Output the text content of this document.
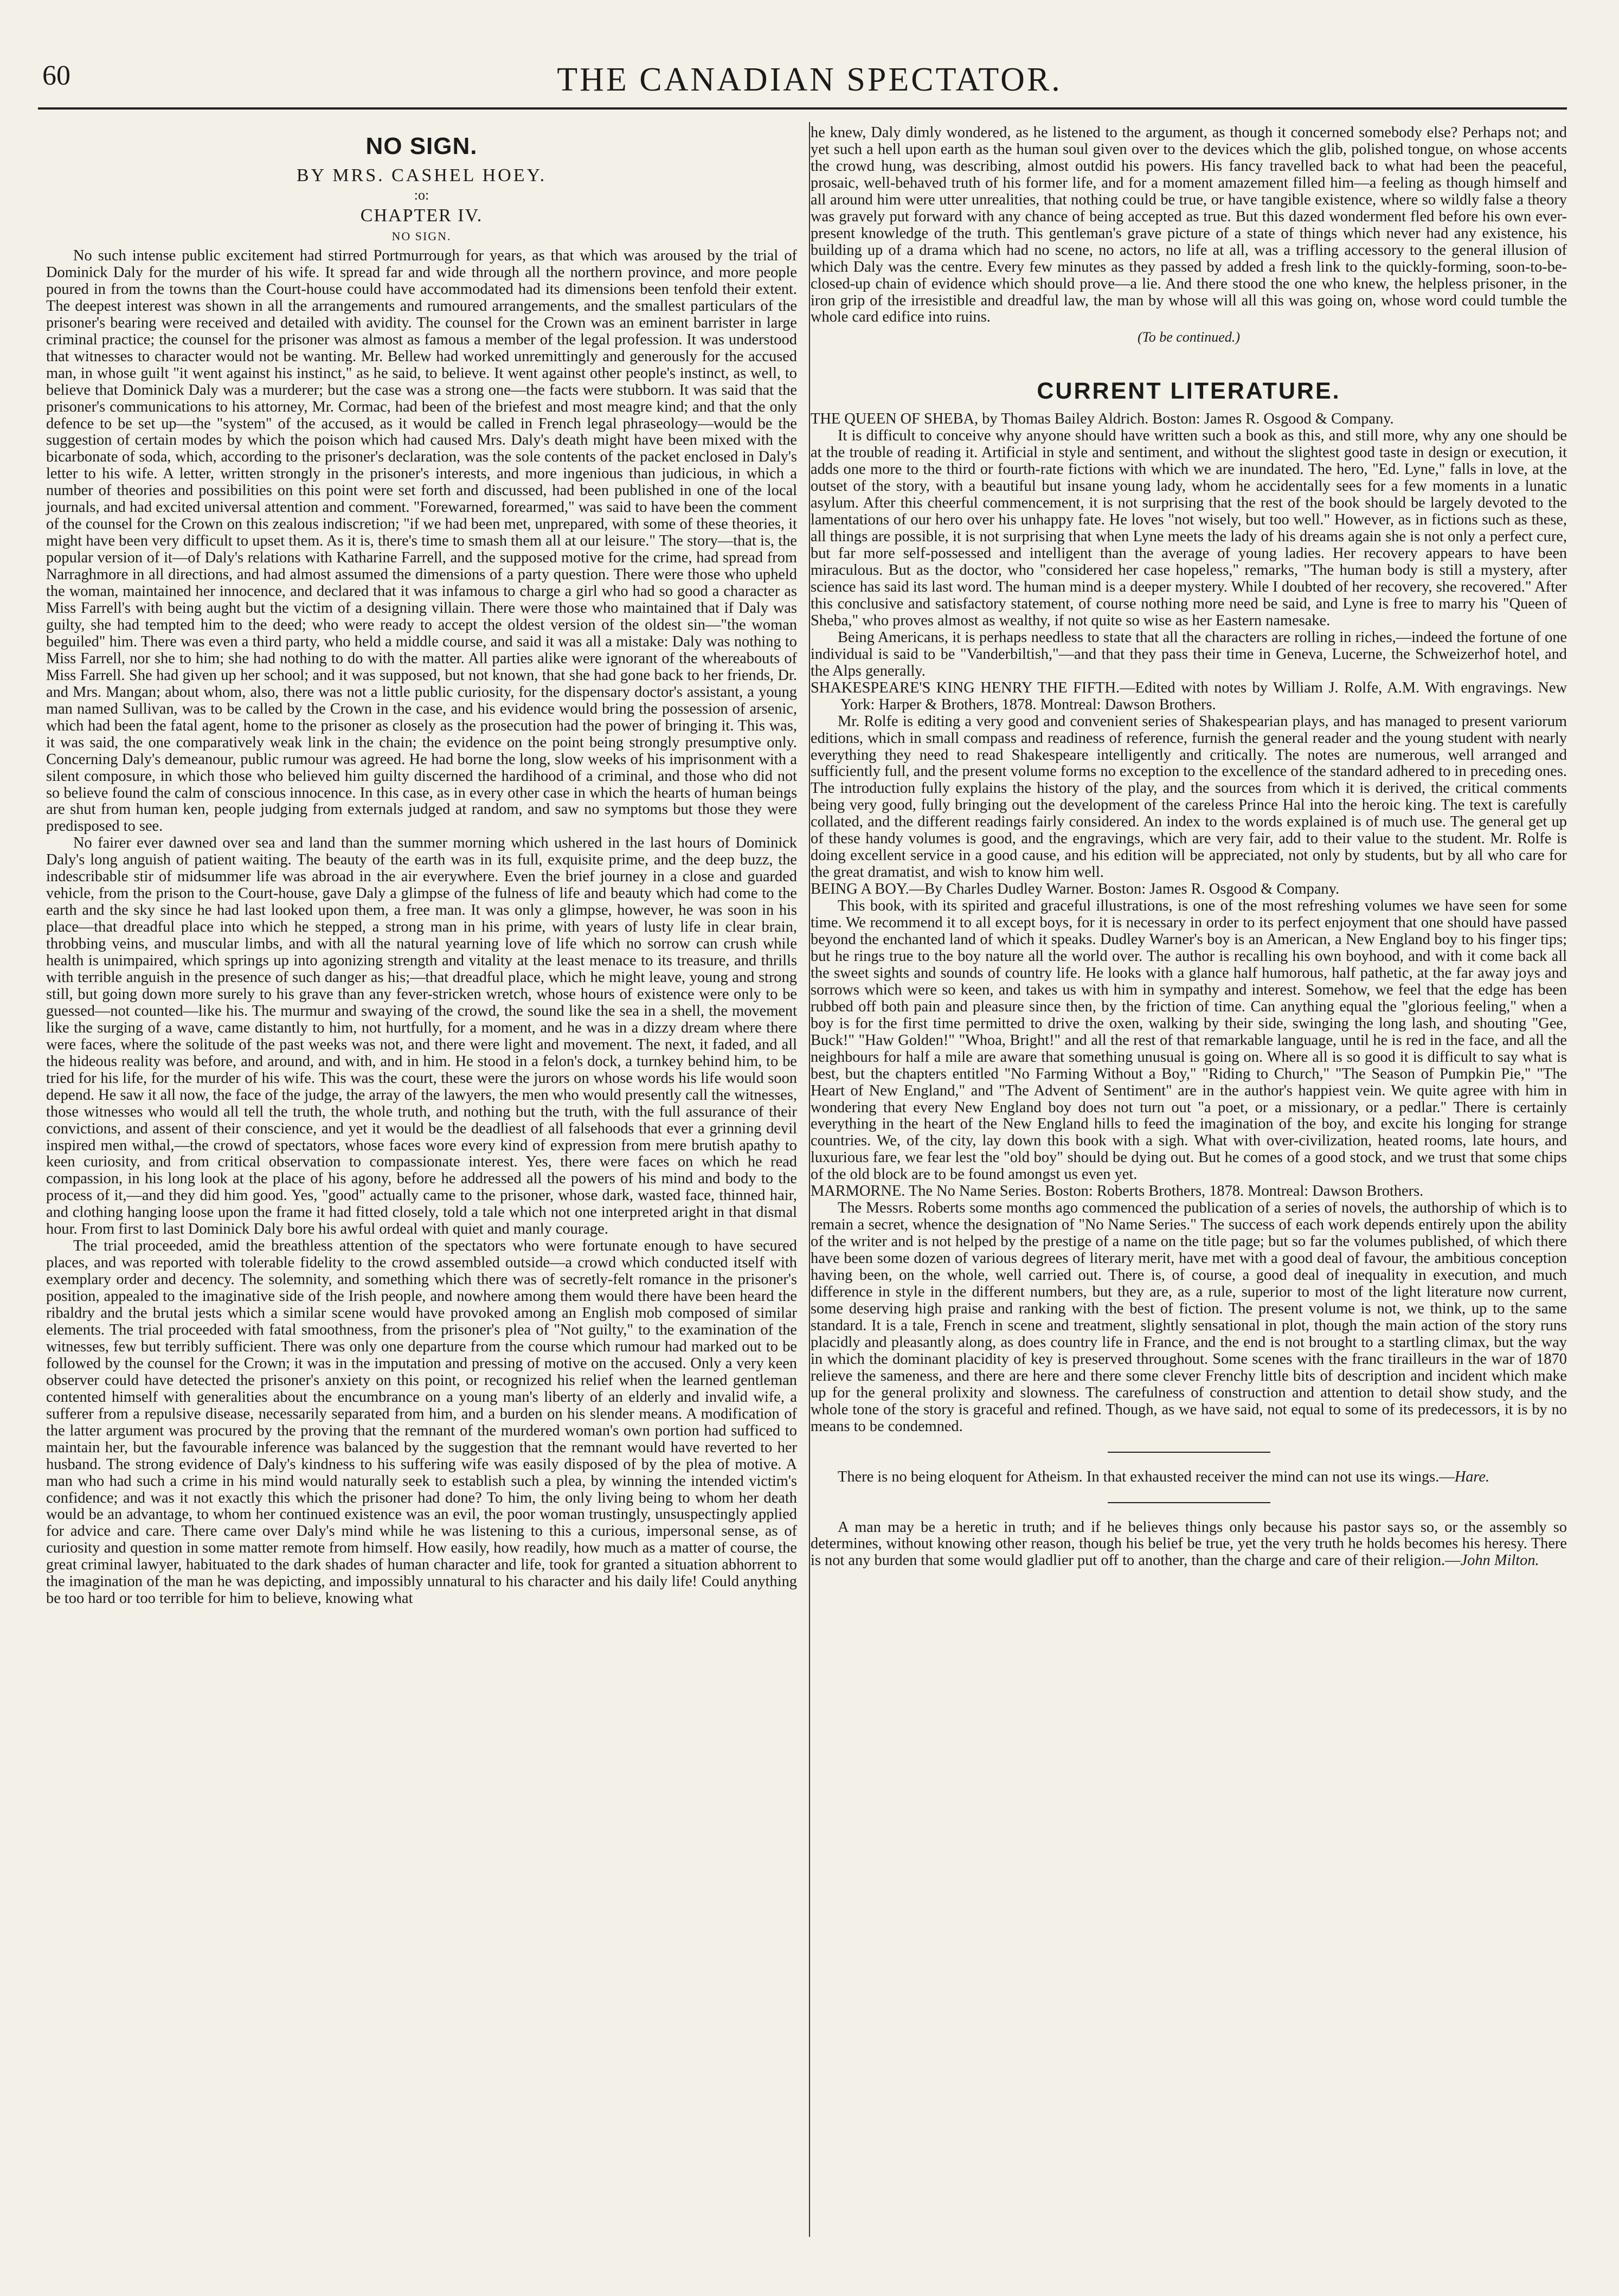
60	THE CANADIAN SPECTATOR.
NO SIGN.
BY MRS. CASHEL HOEY.
:o:
CHAPTER IV.
NO SIGN.

No such intense public excitement had stirred Portmurrough for years, as that which was aroused by the trial of Dominick Daly for the murder of his wife. It spread far and wide through all the northern province, and more people poured in from the towns than the Court-house could have accommodated had its dimensions been tenfold their extent. The deepest interest was shown in all the arrangements and rumoured arrangements, and the smallest particulars of the prisoner's bearing were received and detailed with avidity. The counsel for the Crown was an eminent barrister in large criminal practice; the counsel for the prisoner was almost as famous a member of the legal profession. It was understood that witnesses to character would not be wanting. Mr. Bellew had worked unremittingly and generously for the accused man, in whose guilt "it went against his instinct," as he said, to believe. It went against other people's instinct, as well, to believe that Dominick Daly was a murderer; but the case was a strong one—the facts were stubborn. It was said that the prisoner's communications to his attorney, Mr. Cormac, had been of the briefest and most meagre kind; and that the only defence to be set up—the "system" of the accused, as it would be called in French legal phraseology—would be the suggestion of certain modes by which the poison which had caused Mrs. Daly's death might have been mixed with the bicarbonate of soda, which, according to the prisoner's declaration, was the sole contents of the packet enclosed in Daly's letter to his wife. A letter, written strongly in the prisoner's interests, and more ingenious than judicious, in which a number of theories and possibilities on this point were set forth and discussed, had been published in one of the local journals, and had excited universal attention and comment. "Forewarned, forearmed," was said to have been the comment of the counsel for the Crown on this zealous indiscretion; "if we had been met, unprepared, with some of these theories, it might have been very difficult to upset them. As it is, there's time to smash them all at our leisure." The story—that is, the popular version of it—of Daly's relations with Katharine Farrell, and the supposed motive for the crime, had spread from Narraghmore in all directions, and had almost assumed the dimensions of a party question. There were those who upheld the woman, maintained her innocence, and declared that it was infamous to charge a girl who had so good a character as Miss Farrell's with being aught but the victim of a designing villain. There were those who maintained that if Daly was guilty, she had tempted him to the deed; who were ready to accept the oldest version of the oldest sin—"the woman beguiled" him. There was even a third party, who held a middle course, and said it was all a mistake: Daly was nothing to Miss Farrell, nor she to him; she had nothing to do with the matter. All parties alike were ignorant of the whereabouts of Miss Farrell. She had given up her school; and it was supposed, but not known, that she had gone back to her friends, Dr. and Mrs. Mangan; about whom, also, there was not a little public curiosity, for the dispensary doctor's assistant, a young man named Sullivan, was to be called by the Crown in the case, and his evidence would bring the possession of arsenic, which had been the fatal agent, home to the prisoner as closely as the prosecution had the power of bringing it. This was, it was said, the one comparatively weak link in the chain; the evidence on the point being strongly presumptive only. Concerning Daly's demeanour, public rumour was agreed. He had borne the long, slow weeks of his imprisonment with a silent composure, in which those who believed him guilty discerned the hardihood of a criminal, and those who did not so believe found the calm of conscious innocence. In this case, as in every other case in which the hearts of human beings are shut from human ken, people judging from externals judged at random, and saw no symptoms but those they were predisposed to see.

No fairer ever dawned over sea and land than the summer morning which ushered in the last hours of Dominick Daly's long anguish of patient waiting. The beauty of the earth was in its full, exquisite prime, and the deep buzz, the indescribable stir of midsummer life was abroad in the air everywhere. Even the brief journey in a close and guarded vehicle, from the prison to the Court-house, gave Daly a glimpse of the fulness of life and beauty which had come to the earth and the sky since he had last looked upon them, a free man. It was only a glimpse, however, he was soon in his place—that dreadful place into which he stepped, a strong man in his prime, with years of lusty life in clear brain, throbbing veins, and muscular limbs, and with all the natural yearning love of life which no sorrow can crush while health is unimpaired, which springs up into agonizing strength and vitality at the least menace to its treasure, and thrills with terrible anguish in the presence of such danger as his;—that dreadful place, which he might leave, young and strong still, but going down more surely to his grave than any fever-stricken wretch, whose hours of existence were only to be guessed—not counted—like his. The murmur and swaying of the crowd, the sound like the sea in a shell, the movement like the surging of a wave, came distantly to him, not hurtfully, for a moment, and he was in a dizzy dream where there were faces, where the solitude of the past weeks was not, and there were light and movement. The next, it faded, and all the hideous reality was before, and around, and with, and in him. He stood in a felon's dock, a turnkey behind him, to be tried for his life, for the murder of his wife. This was the court, these were the jurors on whose words his life would soon depend. He saw it all now, the face of the judge, the array of the lawyers, the men who would presently call the witnesses, those witnesses who would all tell the truth, the whole truth, and nothing but the truth, with the full assurance of their convictions, and assent of their conscience, and yet it would be the deadliest of all falsehoods that ever a grinning devil inspired men withal,—the crowd of spectators, whose faces wore every kind of expression from mere brutish apathy to keen curiosity, and from critical observation to compassionate interest. Yes, there were faces on which he read compassion, in his long look at the place of his agony, before he addressed all the powers of his mind and body to the process of it,—and they did him good. Yes, "good" actually came to the prisoner, whose dark, wasted face, thinned hair, and clothing hanging loose upon the frame it had fitted closely, told a tale which not one interpreted aright in that dismal hour. From first to last Dominick Daly bore his awful ordeal with quiet and manly courage.

The trial proceeded, amid the breathless attention of the spectators who were fortunate enough to have secured places, and was reported with tolerable fidelity to the crowd assembled outside—a crowd which conducted itself with exemplary order and decency. The solemnity, and something which there was of secretly-felt romance in the prisoner's position, appealed to the imaginative side of the Irish people, and nowhere among them would there have been heard the ribaldry and the brutal jests which a similar scene would have provoked among an English mob composed of similar elements. The trial proceeded with fatal smoothness, from the prisoner's plea of "Not guilty," to the examination of the witnesses, few but terribly sufficient. There was only one departure from the course which rumour had marked out to be followed by the counsel for the Crown; it was in the imputation and pressing of motive on the accused. Only a very keen observer could have detected the prisoner's anxiety on this point, or recognized his relief when the learned gentleman contented himself with generalities about the encumbrance on a young man's liberty of an elderly and invalid wife, a sufferer from a repulsive disease, necessarily separated from him, and a burden on his slender means. A modification of the latter argument was procured by the proving that the remnant of the murdered woman's own portion had sufficed to maintain her, but the favourable inference was balanced by the suggestion that the remnant would have reverted to her husband. The strong evidence of Daly's kindness to his suffering wife was easily disposed of by the plea of motive. A man who had such a crime in his mind would naturally seek to establish such a plea, by winning the intended victim's confidence; and was it not exactly this which the prisoner had done? To him, the only living being to whom her death would be an advantage, to whom her continued existence was an evil, the poor woman trustingly, unsuspectingly applied for advice and care. There came over Daly's mind while he was listening to this a curious, impersonal sense, as of curiosity and question in some matter remote from himself. How easily, how readily, how much as a matter of course, the great criminal lawyer, habituated to the dark shades of human character and life, took for granted a situation abhorrent to the imagination of the man he was depicting, and impossibly unnatural to his character and his daily life! Could anything be too hard or too terrible for him to believe, knowing what

he knew, Daly dimly wondered, as he listened to the argument, as though it concerned somebody else? Perhaps not; and yet such a hell upon earth as the human soul given over to the devices which the glib, polished tongue, on whose accents the crowd hung, was describing, almost outdid his powers. His fancy travelled back to what had been the peaceful, prosaic, well-behaved truth of his former life, and for a moment amazement filled him—a feeling as though himself and all around him were utter unrealities, that nothing could be true, or have tangible existence, where so wildly false a theory was gravely put forward with any chance of being accepted as true. But this dazed wonderment fled before his own ever-present knowledge of the truth. This gentleman's grave picture of a state of things which never had any existence, his building up of a drama which had no scene, no actors, no life at all, was a trifling accessory to the general illusion of which Daly was the centre. Every few minutes as they passed by added a fresh link to the quickly-forming, soon-to-be-closed-up chain of evidence which should prove—a lie. And there stood the one who knew, the helpless prisoner, in the iron grip of the irresistible and dreadful law, the man by whose will all this was going on, whose word could tumble the whole card edifice into ruins.

(To be continued.)
CURRENT LITERATURE.

THE QUEEN OF SHEBA, by Thomas Bailey Aldrich. Boston: James R. Osgood & Company.

It is difficult to conceive why anyone should have written such a book as this, and still more, why any one should be at the trouble of reading it. Artificial in style and sentiment, and without the slightest good taste in design or execution, it adds one more to the third or fourth-rate fictions with which we are inundated. The hero, "Ed. Lyne," falls in love, at the outset of the story, with a beautiful but insane young lady, whom he accidentally sees for a few moments in a lunatic asylum. After this cheerful commencement, it is not surprising that the rest of the book should be largely devoted to the lamentations of our hero over his unhappy fate. He loves "not wisely, but too well." However, as in fictions such as these, all things are possible, it is not surprising that when Lyne meets the lady of his dreams again she is not only a perfect cure, but far more self-possessed and intelligent than the average of young ladies. Her recovery appears to have been miraculous. But as the doctor, who "considered her case hopeless," remarks, "The human body is still a mystery, after science has said its last word. The human mind is a deeper mystery. While I doubted of her recovery, she recovered." After this conclusive and satisfactory statement, of course nothing more need be said, and Lyne is free to marry his "Queen of Sheba," who proves almost as wealthy, if not quite so wise as her Eastern namesake.

Being Americans, it is perhaps needless to state that all the characters are rolling in riches,—indeed the fortune of one individual is said to be "Vanderbiltish,"—and that they pass their time in Geneva, Lucerne, the Schweizerhof hotel, and the Alps generally.

SHAKESPEARE'S KING HENRY THE FIFTH.—Edited with notes by William J. Rolfe, A.M. With engravings. New York: Harper & Brothers, 1878. Montreal: Dawson Brothers.

Mr. Rolfe is editing a very good and convenient series of Shakespearian plays, and has managed to present variorum editions, which in small compass and readiness of reference, furnish the general reader and the young student with nearly everything they need to read Shakespeare intelligently and critically. The notes are numerous, well arranged and sufficiently full, and the present volume forms no exception to the excellence of the standard adhered to in preceding ones. The introduction fully explains the history of the play, and the sources from which it is derived, the critical comments being very good, fully bringing out the development of the careless Prince Hal into the heroic king. The text is carefully collated, and the different readings fairly considered. An index to the words explained is of much use. The general get up of these handy volumes is good, and the engravings, which are very fair, add to their value to the student. Mr. Rolfe is doing excellent service in a good cause, and his edition will be appreciated, not only by students, but by all who care for the great dramatist, and wish to know him well.

BEING A BOY.—By Charles Dudley Warner. Boston: James R. Osgood & Company.

This book, with its spirited and graceful illustrations, is one of the most refreshing volumes we have seen for some time. We recommend it to all except boys, for it is necessary in order to its perfect enjoyment that one should have passed beyond the enchanted land of which it speaks. Dudley Warner's boy is an American, a New England boy to his finger tips; but he rings true to the boy nature all the world over. The author is recalling his own boyhood, and with it come back all the sweet sights and sounds of country life. He looks with a glance half humorous, half pathetic, at the far away joys and sorrows which were so keen, and takes us with him in sympathy and interest. Somehow, we feel that the edge has been rubbed off both pain and pleasure since then, by the friction of time. Can anything equal the "glorious feeling," when a boy is for the first time permitted to drive the oxen, walking by their side, swinging the long lash, and shouting "Gee, Buck!" "Haw Golden!" "Whoa, Bright!" and all the rest of that remarkable language, until he is red in the face, and all the neighbours for half a mile are aware that something unusual is going on. Where all is so good it is difficult to say what is best, but the chapters entitled "No Farming Without a Boy," "Riding to Church," "The Season of Pumpkin Pie," "The Heart of New England," and "The Advent of Sentiment" are in the author's happiest vein. We quite agree with him in wondering that every New England boy does not turn out "a poet, or a missionary, or a pedlar." There is certainly everything in the heart of the New England hills to feed the imagination of the boy, and excite his longing for strange countries. We, of the city, lay down this book with a sigh. What with over-civilization, heated rooms, late hours, and luxurious fare, we fear lest the "old boy" should be dying out. But he comes of a good stock, and we trust that some chips of the old block are to be found amongst us even yet.

MARMORNE. The No Name Series. Boston: Roberts Brothers, 1878. Montreal: Dawson Brothers.

The Messrs. Roberts some months ago commenced the publication of a series of novels, the authorship of which is to remain a secret, whence the designation of "No Name Series." The success of each work depends entirely upon the ability of the writer and is not helped by the prestige of a name on the title page; but so far the volumes published, of which there have been some dozen of various degrees of literary merit, have met with a good deal of favour, the ambitious conception having been, on the whole, well carried out. There is, of course, a good deal of inequality in execution, and much difference in style in the different numbers, but they are, as a rule, superior to most of the light literature now current, some deserving high praise and ranking with the best of fiction. The present volume is not, we think, up to the same standard. It is a tale, French in scene and treatment, slightly sensational in plot, though the main action of the story runs placidly and pleasantly along, as does country life in France, and the end is not brought to a startling climax, but the way in which the dominant placidity of key is preserved throughout. Some scenes with the franc tirailleurs in the war of 1870 relieve the sameness, and there are here and there some clever Frenchy little bits of description and incident which make up for the general prolixity and slowness. The carefulness of construction and attention to detail show study, and the whole tone of the story is graceful and refined. Though, as we have said, not equal to some of its predecessors, it is by no means to be condemned.

There is no being eloquent for Atheism. In that exhausted receiver the mind can not use its wings.—Hare.

A man may be a heretic in truth; and if he believes things only because his pastor says so, or the assembly so determines, without knowing other reason, though his belief be true, yet the very truth he holds becomes his heresy. There is not any burden that some would gladlier put off to another, than the charge and care of their religion.—John Milton.
